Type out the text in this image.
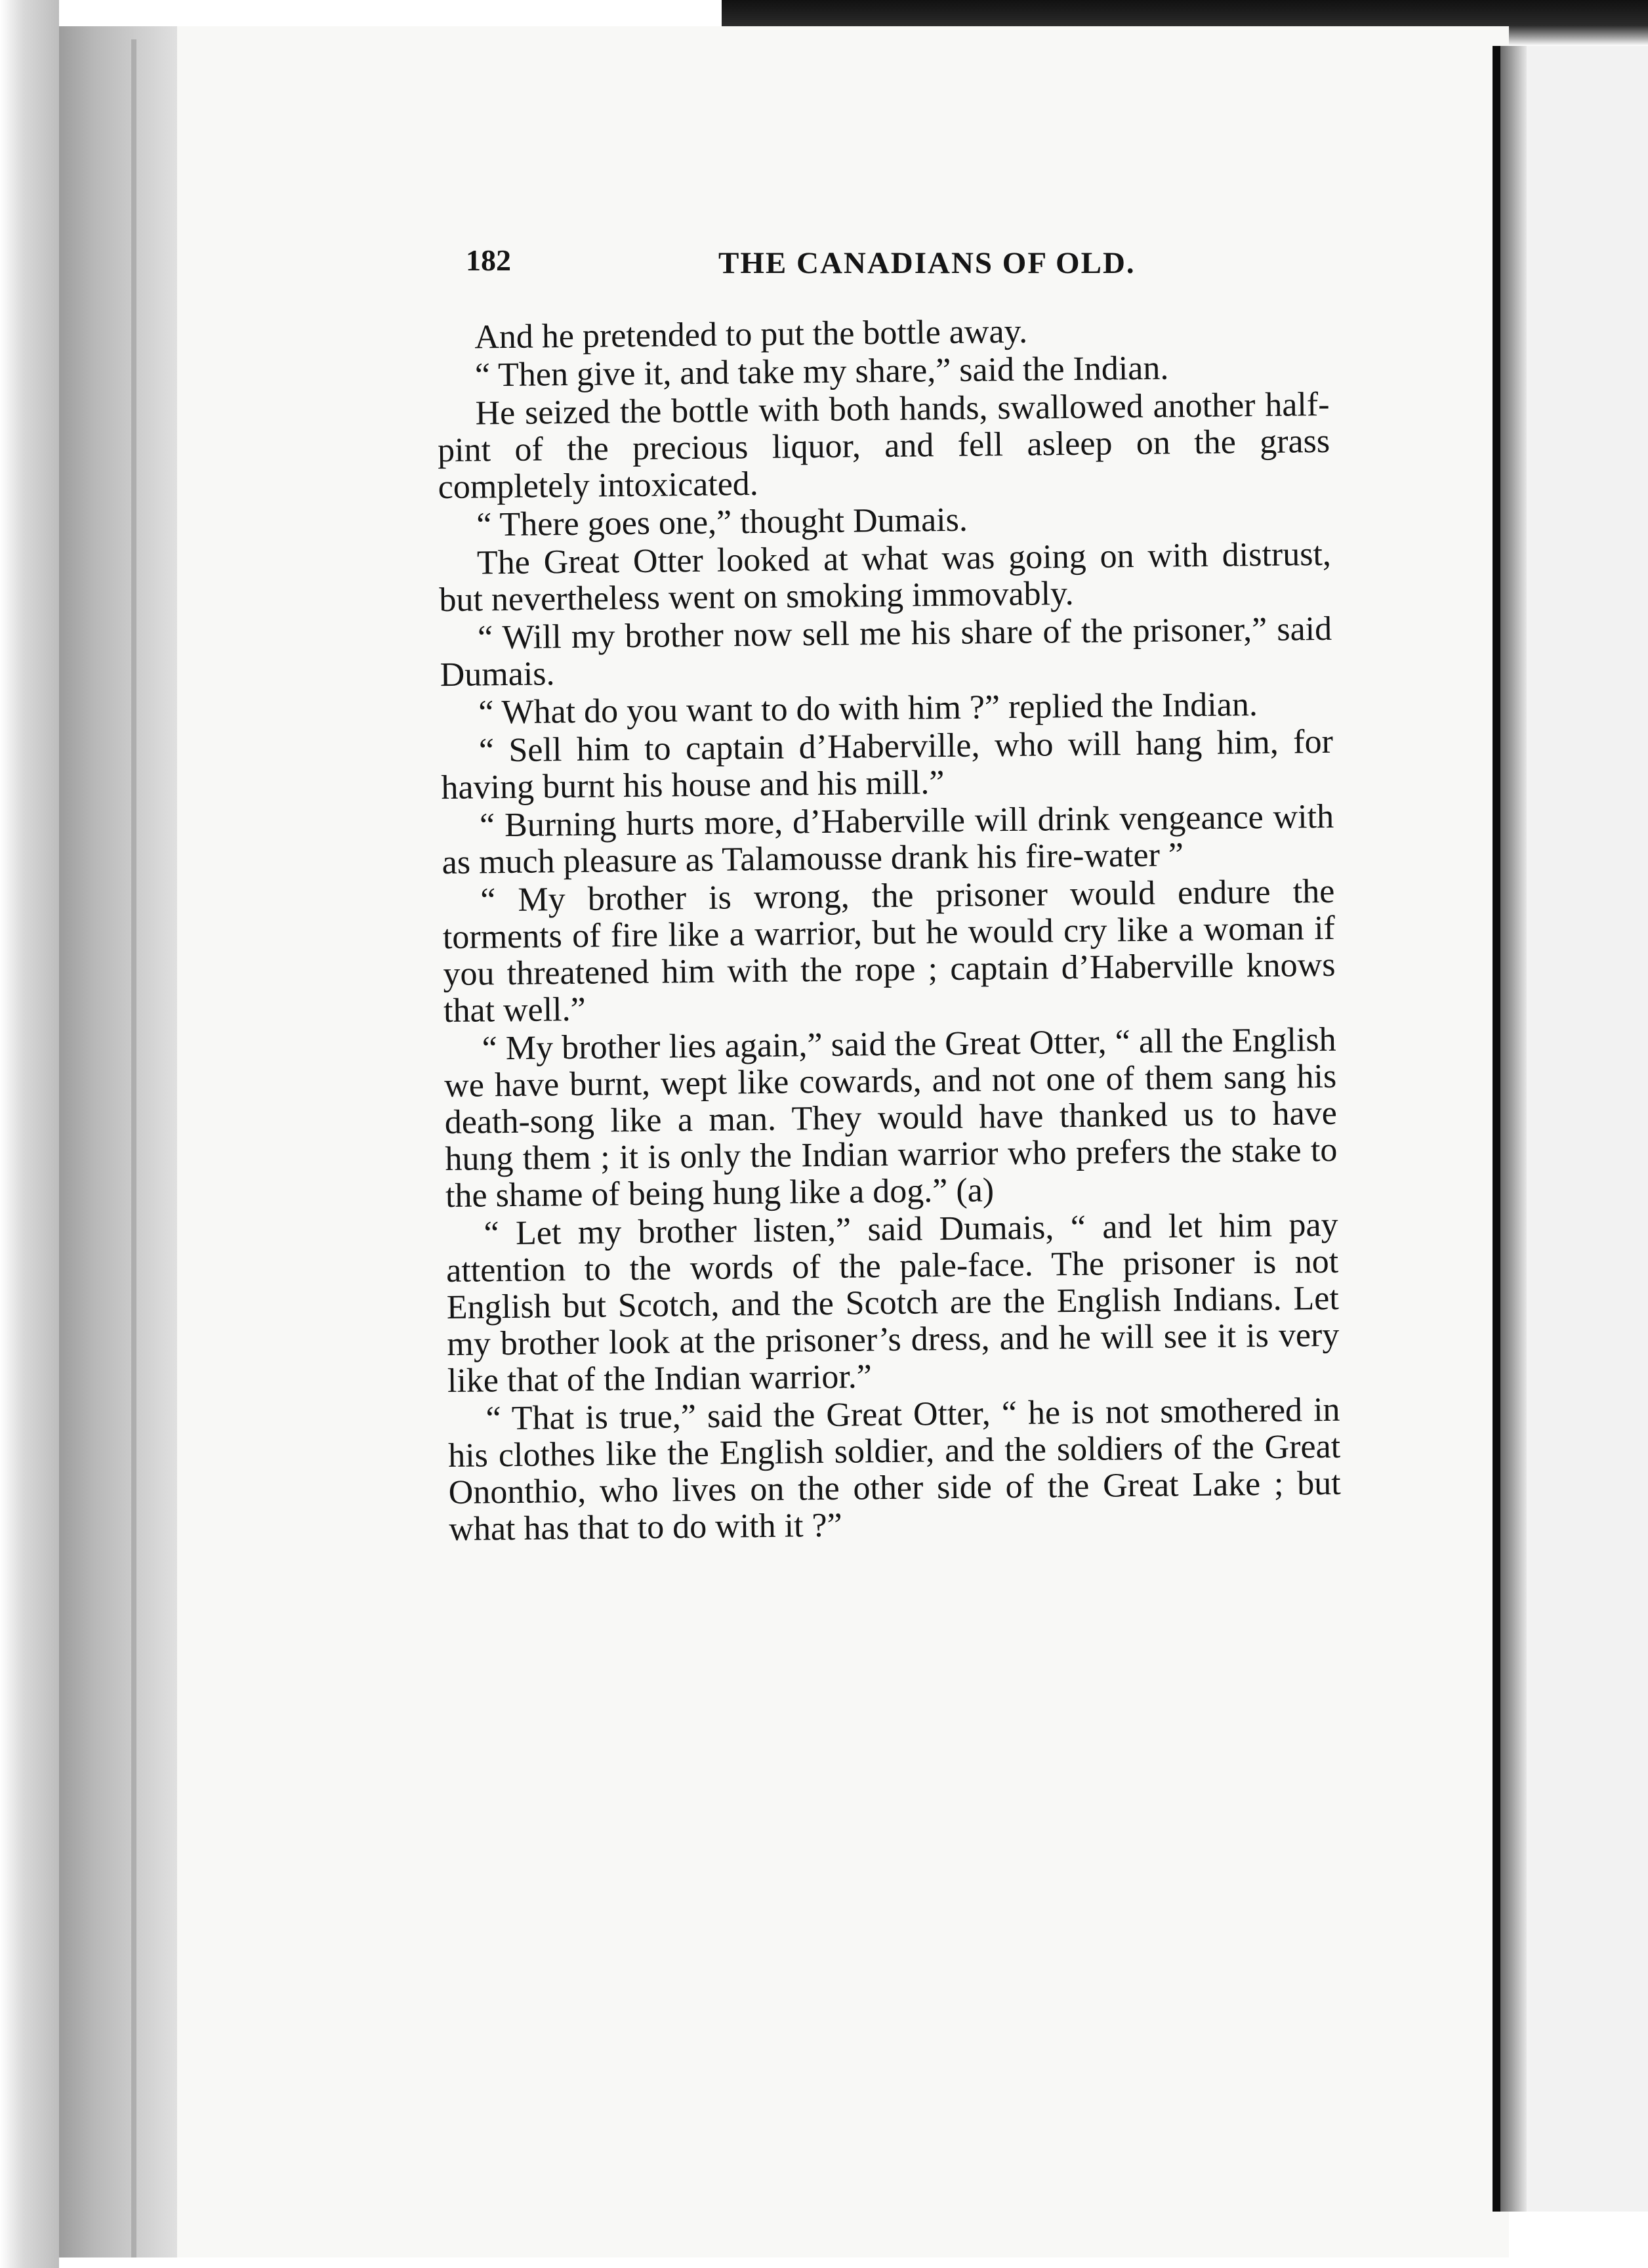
182	THE CANADIANS OF OLD.

And he pretended to put the bottle away.

“ Then give it, and take my share,” said the Indian.

He seized the bottle with both hands, swallowed another half-pint of the precious liquor, and fell asleep on the grass completely intoxicated.

“ There goes one,” thought Dumais.

The Great Otter looked at what was going on with distrust, but nevertheless went on smoking immovably.

“ Will my brother now sell me his share of the prisoner,” said Dumais.

“ What do you want to do with him ?” replied the Indian.

“ Sell him to captain d’Haberville, who will hang him, for having burnt his house and his mill.”

“ Burning hurts more, d’Haberville will drink vengeance with as much pleasure as Talamousse drank his fire-water ”

“ My brother is wrong, the prisoner would endure the torments of fire like a warrior, but he would cry like a woman if you threatened him with the rope ; captain d’Haberville knows that well.”

“ My brother lies again,” said the Great Otter, “ all the English we have burnt, wept like cowards, and not one of them sang his death-song like a man. They would have thanked us to have hung them ; it is only the Indian warrior who prefers the stake to the shame of being hung like a dog.” (a)

“ Let my brother listen,” said Dumais, “ and let him pay attention to the words of the pale-face. The prisoner is not English but Scotch, and the Scotch are the English Indians. Let my brother look at the prisoner’s dress, and he will see it is very like that of the Indian warrior.”

“ That is true,” said the Great Otter, “ he is not smothered in his clothes like the English soldier, and the soldiers of the Great Ononthio, who lives on the other side of the Great Lake ; but what has that to do with it ?”
